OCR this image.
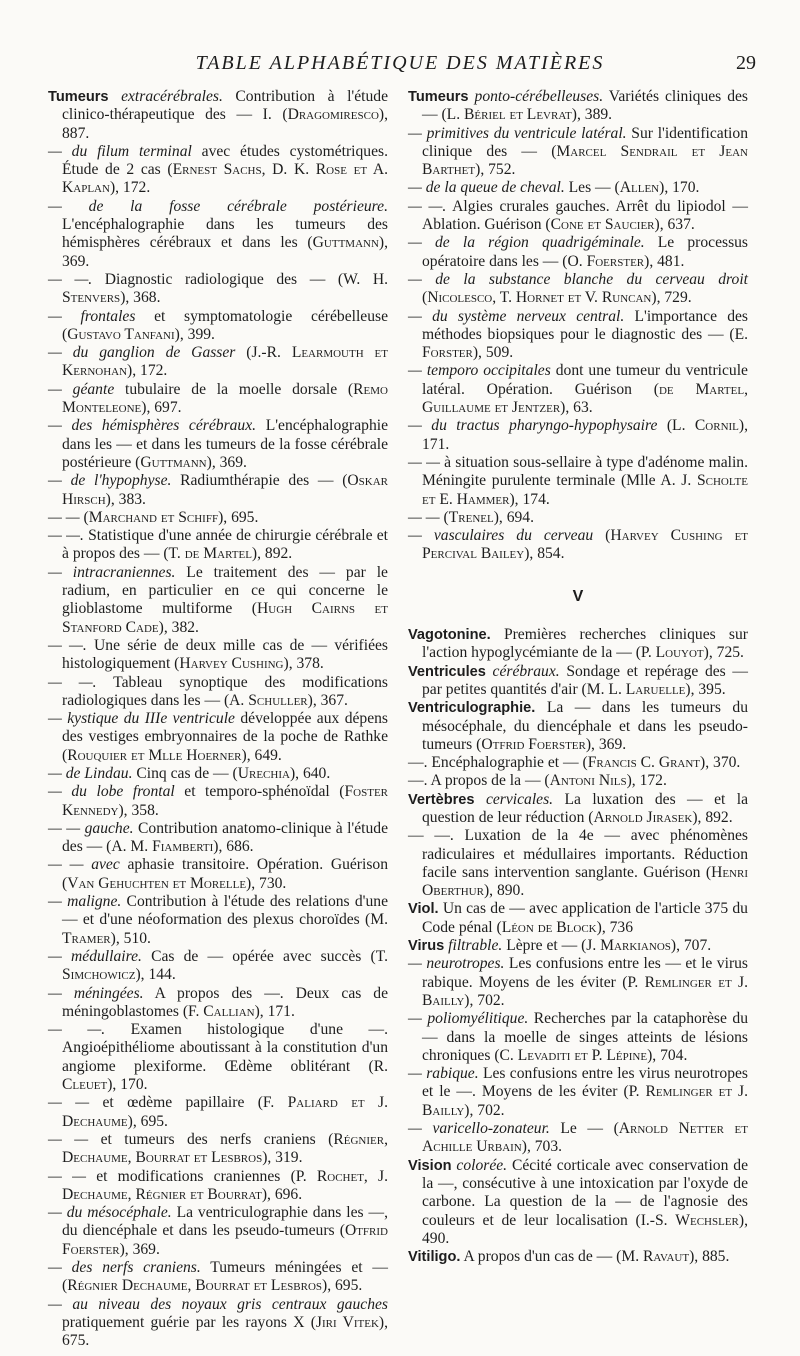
TABLE ALPHABÉTIQUE DES MATIÈRES	29

Tumeurs extracérébrales. Contribution à l'étude clinico-thérapeutique des — I. (Dragomiresco), 887.

— du filum terminal avec études cystométriques. Étude de 2 cas (Ernest Sachs, D. K. Rose et A. Kaplan), 172.

— de la fosse cérébrale postérieure. L'encéphalographie dans les tumeurs des hémisphères cérébraux et dans les (Guttmann), 369.

— —. Diagnostic radiologique des — (W. H. Stenvers), 368.

— frontales et symptomatologie cérébelleuse (Gustavo Tanfani), 399.

— du ganglion de Gasser (J.-R. Learmouth et Kernohan), 172.

— géante tubulaire de la moelle dorsale (Remo Monteleone), 697.

— des hémisphères cérébraux. L'encéphalographie dans les — et dans les tumeurs de la fosse cérébrale postérieure (Guttmann), 369.

— de l'hypophyse. Radiumthérapie des — (Oskar Hirsch), 383.

— — (Marchand et Schiff), 695.

— —. Statistique d'une année de chirurgie cérébrale et à propos des — (T. de Martel), 892.

— intracraniennes. Le traitement des — par le radium, en particulier en ce qui concerne le glioblastome multiforme (Hugh Cairns et Stanford Cade), 382.

— —. Une série de deux mille cas de — vérifiées histologiquement (Harvey Cushing), 378.

— —. Tableau synoptique des modifications radiologiques dans les — (A. Schuller), 367.

— kystique du IIIe ventricule développée aux dépens des vestiges embryonnaires de la poche de Rathke (Rouquier et Mlle Hoerner), 649.

— de Lindau. Cinq cas de — (Urechia), 640.

— du lobe frontal et temporo-sphénoïdal (Foster Kennedy), 358.

— — gauche. Contribution anatomo-clinique à l'étude des — (A. M. Fiamberti), 686.

— — avec aphasie transitoire. Opération. Guérison (Van Gehuchten et Morelle), 730.

— maligne. Contribution à l'étude des relations d'une — et d'une néoformation des plexus choroïdes (M. Tramer), 510.

— médullaire. Cas de — opérée avec succès (T. Simchowicz), 144.

— méningées. A propos des —. Deux cas de méningoblastomes (F. Callian), 171.

— —. Examen histologique d'une —. Angioépithéliome aboutissant à la constitution d'un angiome plexiforme. Œdème oblitérant (R. Cleuet), 170.

— — et œdème papillaire (F. Paliard et J. Dechaume), 695.

— — et tumeurs des nerfs craniens (Régnier, Dechaume, Bourrat et Lesbros), 319.

— — et modifications craniennes (P. Rochet, J. Dechaume, Régnier et Bourrat), 696.

— du mésocéphale. La ventriculographie dans les —, du diencéphale et dans les pseudo-tumeurs (Otfrid Foerster), 369.

— des nerfs craniens. Tumeurs méningées et — (Régnier Dechaume, Bourrat et Lesbros), 695.

— au niveau des noyaux gris centraux gauches pratiquement guérie par les rayons X (Jiri Vitek), 675.

Tumeurs ponto-cérébelleuses. Variétés cliniques des — (L. Bériel et Levrat), 389.

— primitives du ventricule latéral. Sur l'identification clinique des — (Marcel Sendrail et Jean Barthet), 752.

— de la queue de cheval. Les — (Allen), 170.

— —. Algies crurales gauches. Arrêt du lipiodol — Ablation. Guérison (Cone et Saucier), 637.

— de la région quadrigéminale. Le processus opératoire dans les — (O. Foerster), 481.

— de la substance blanche du cerveau droit (Nicolesco, T. Hornet et V. Runcan), 729.

— du système nerveux central. L'importance des méthodes biopsiques pour le diagnostic des — (E. Forster), 509.

— temporo occipitales dont une tumeur du ventricule latéral. Opération. Guérison (de Martel, Guillaume et Jentzer), 63.

— du tractus pharyngo-hypophysaire (L. Cornil), 171.

— — à situation sous-sellaire à type d'adénome malin. Méningite purulente terminale (Mlle A. J. Scholte et E. Hammer), 174.

— — (Trenel), 694.

— vasculaires du cerveau (Harvey Cushing et Percival Bailey), 854.

V

Vagotonine. Premières recherches cliniques sur l'action hypoglycémiante de la — (P. Louyot), 725.

Ventricules cérébraux. Sondage et repérage des — par petites quantités d'air (M. L. Laruelle), 395.

Ventriculographie. La — dans les tumeurs du mésocéphale, du diencéphale et dans les pseudo-tumeurs (Otfrid Foerster), 369.

—. Encéphalographie et — (Francis C. Grant), 370.

—. A propos de la — (Antoni Nils), 172.

Vertèbres cervicales. La luxation des — et la question de leur réduction (Arnold Jirasek), 892.

— —. Luxation de la 4e — avec phénomènes radiculaires et médullaires importants. Réduction facile sans intervention sanglante. Guérison (Henri Oberthur), 890.

Viol. Un cas de — avec application de l'article 375 du Code pénal (Léon de Block), 736

Virus filtrable. Lèpre et — (J. Markianos), 707.

— neurotropes. Les confusions entre les — et le virus rabique. Moyens de les éviter (P. Remlinger et J. Bailly), 702.

— poliomyélitique. Recherches par la cataphorèse du — dans la moelle de singes atteints de lésions chroniques (C. Levaditi et P. Lépine), 704.

— rabique. Les confusions entre les virus neurotropes et le —. Moyens de les éviter (P. Remlinger et J. Bailly), 702.

— varicello-zonateur. Le — (Arnold Netter et Achille Urbain), 703.

Vision colorée. Cécité corticale avec conservation de la —, consécutive à une intoxication par l'oxyde de carbone. La question de la — de l'agnosie des couleurs et de leur localisation (I.-S. Wechsler), 490.

Vitiligo. A propos d'un cas de — (M. Ravaut), 885.
